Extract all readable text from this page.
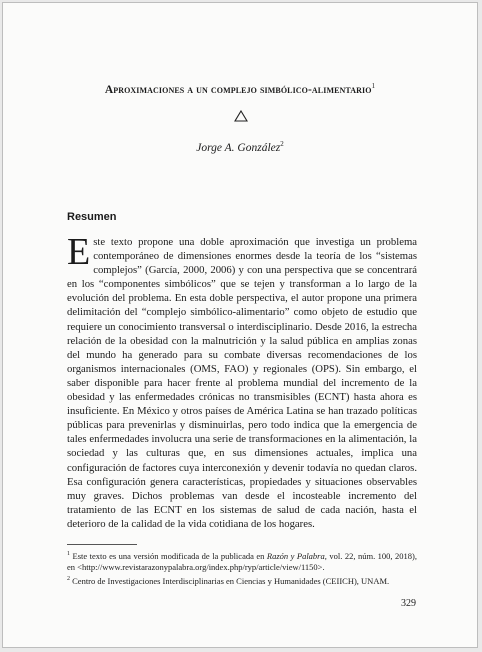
Aproximaciones a un complejo simbólico-alimentario$^1$
Jorge A. González$^2$
Resumen
Este texto propone una doble aproximación que investiga un problema contemporáneo de dimensiones enormes desde la teoría de los “sistemas complejos” (García, 2000, 2006) y con una perspectiva que se concentrará en los “componentes simbólicos” que se tejen y transforman a lo largo de la evolución del problema. En esta doble perspectiva, el autor propone una primera delimitación del “complejo simbólico-alimentario” como objeto de estudio que requiere un conocimiento transversal o interdisciplinario. Desde 2016, la estrecha relación de la obesidad con la malnutrición y la salud pública en amplias zonas del mundo ha generado para su combate diversas recomendaciones de los organismos internacionales (OMS, FAO) y regionales (OPS). Sin embargo, el saber disponible para hacer frente al problema mundial del incremento de la obesidad y las enfermedades crónicas no transmisibles (ECNT) hasta ahora es insuficiente. En México y otros países de América Latina se han trazado políticas públicas para prevenirlas y disminuirlas, pero todo indica que la emergencia de tales enfermedades involucra una serie de transformaciones en la alimentación, la sociedad y las culturas que, en sus dimensiones actuales, implica una configuración de factores cuya interconexión y devenir todavía no quedan claros. Esa configuración genera características, propiedades y situaciones observables muy graves. Dichos problemas van desde el incosteable incremento del tratamiento de las ECNT en los sistemas de salud de cada nación, hasta el deterioro de la calidad de la vida cotidiana de los hogares.
$^1$ Este texto es una versión modificada de la publicada en Razón y Palabra, vol. 22, núm. 100, 2018), en <http://www.revistarazonypalabra.org/index.php/ryp/article/view/1150>.
$^2$ Centro de Investigaciones Interdisciplinarias en Ciencias y Humanidades (CEIICH), UNAM.
329
